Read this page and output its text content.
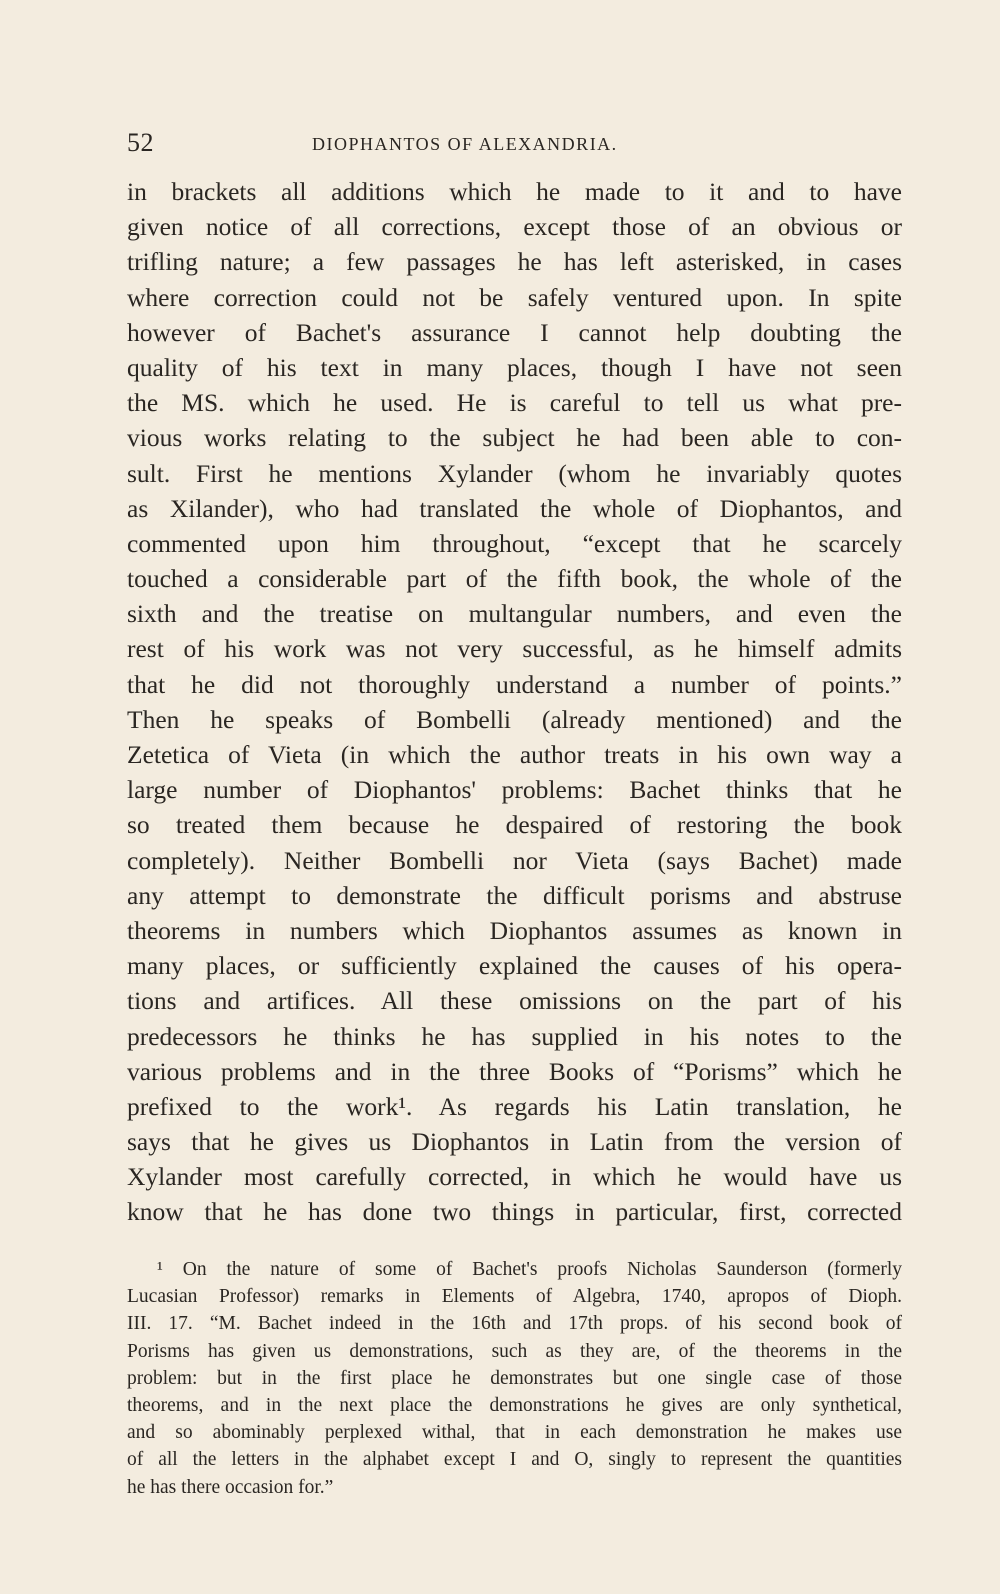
52	DIOPHANTOS OF ALEXANDRIA.
in brackets all additions which he made to it and to have
given notice of all corrections, except those of an obvious or
trifling nature; a few passages he has left asterisked, in cases
where correction could not be safely ventured upon. In spite
however of Bachet's assurance I cannot help doubting the
quality of his text in many places, though I have not seen
the MS. which he used. He is careful to tell us what pre-
vious works relating to the subject he had been able to con-
sult. First he mentions Xylander (whom he invariably quotes
as Xilander), who had translated the whole of Diophantos, and
commented upon him throughout, “except that he scarcely
touched a considerable part of the fifth book, the whole of the
sixth and the treatise on multangular numbers, and even the
rest of his work was not very successful, as he himself admits
that he did not thoroughly understand a number of points.”
Then he speaks of Bombelli (already mentioned) and the
Zetetica of Vieta (in which the author treats in his own way a
large number of Diophantos' problems: Bachet thinks that he
so treated them because he despaired of restoring the book
completely). Neither Bombelli nor Vieta (says Bachet) made
any attempt to demonstrate the difficult porisms and abstruse
theorems in numbers which Diophantos assumes as known in
many places, or sufficiently explained the causes of his opera-
tions and artifices. All these omissions on the part of his
predecessors he thinks he has supplied in his notes to the
various problems and in the three Books of “Porisms” which he
prefixed to the work¹. As regards his Latin translation, he
says that he gives us Diophantos in Latin from the version of
Xylander most carefully corrected, in which he would have us
know that he has done two things in particular, first, corrected
¹ On the nature of some of Bachet's proofs Nicholas Saunderson (formerly
Lucasian Professor) remarks in Elements of Algebra, 1740, apropos of Dioph.
III. 17. “M. Bachet indeed in the 16th and 17th props. of his second book of
Porisms has given us demonstrations, such as they are, of the theorems in the
problem: but in the first place he demonstrates but one single case of those
theorems, and in the next place the demonstrations he gives are only synthetical,
and so abominably perplexed withal, that in each demonstration he makes use
of all the letters in the alphabet except I and O, singly to represent the quantities
he has there occasion for.”
